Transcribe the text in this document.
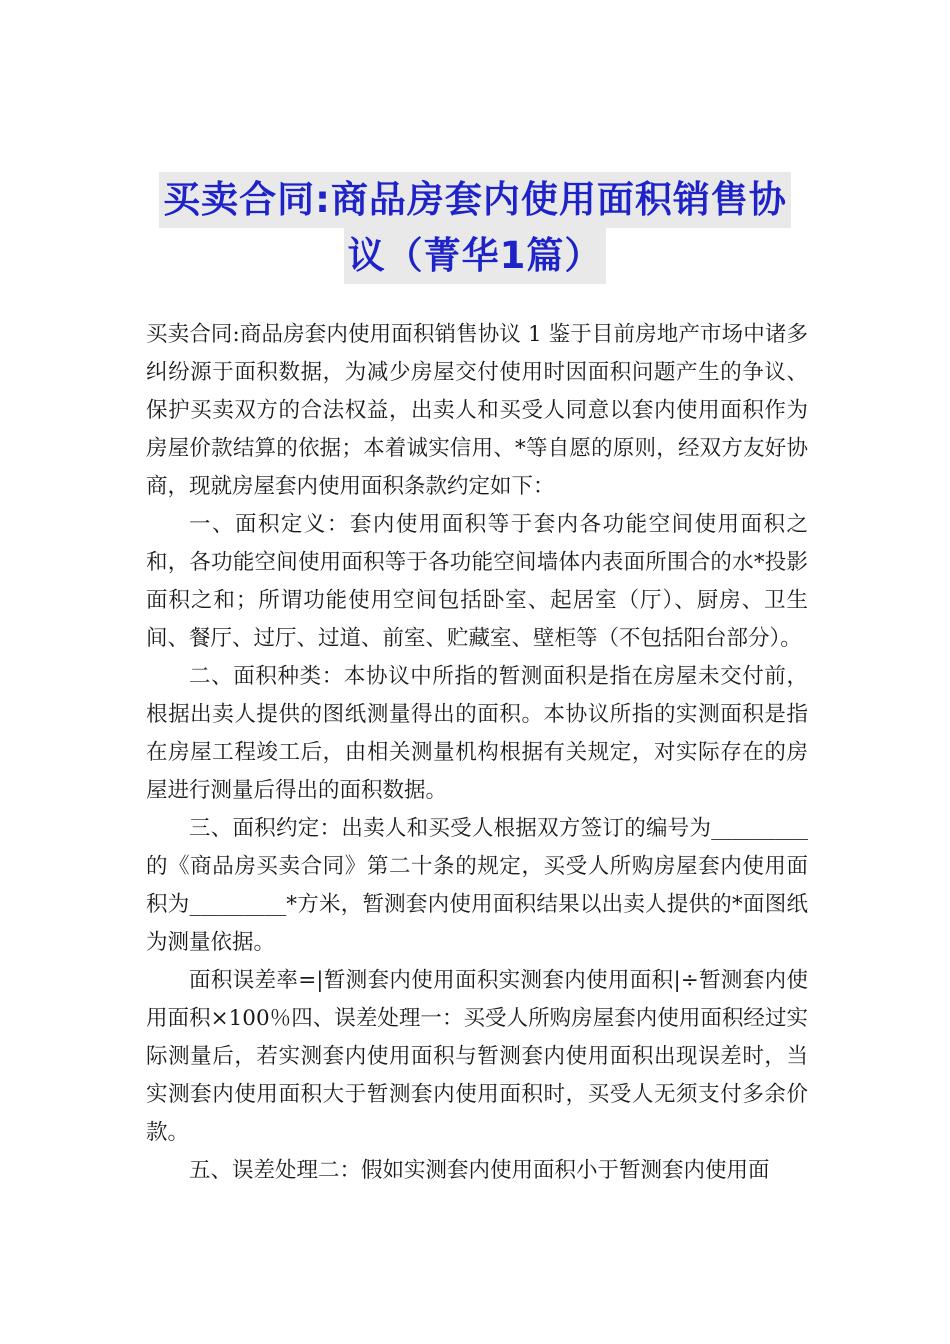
买卖合同:商品房套内使用面积销售协
议（菁华1篇）

买卖合同:商品房套内使用面积销售协议 1 鉴于目前房地产市场中诸多纠纷源于面积数据，为减少房屋交付使用时因面积问题产生的争议、保护买卖双方的合法权益，出卖人和买受人同意以套内使用面积作为房屋价款结算的依据；本着诚实信用、*等自愿的原则，经双方友好协商，现就房屋套内使用面积条款约定如下：

一、面积定义：套内使用面积等于套内各功能空间使用面积之和，各功能空间使用面积等于各功能空间墙体内表面所围合的水*投影面积之和；所谓功能使用空间包括卧室、起居室（厅）、厨房、卫生间、餐厅、过厅、过道、前室、贮藏室、壁柜等（不包括阳台部分）。

二、面积种类：本协议中所指的暂测面积是指在房屋未交付前，根据出卖人提供的图纸测量得出的面积。本协议所指的实测面积是指在房屋工程竣工后，由相关测量机构根据有关规定，对实际存在的房屋进行测量后得出的面积数据。

三、面积约定：出卖人和买受人根据双方签订的编号为_________的《商品房买卖合同》第二十条的规定，买受人所购房屋套内使用面积为_________*方米，暂测套内使用面积结果以出卖人提供的*面图纸为测量依据。

面积误差率=|暂测套内使用面积实测套内使用面积|÷暂测套内使用面积×100％四、误差处理一：买受人所购房屋套内使用面积经过实际测量后，若实测套内使用面积与暂测套内使用面积出现误差时，当实测套内使用面积大于暂测套内使用面积时，买受人无须支付多余价款。

五、误差处理二：假如实测套内使用面积小于暂测套内使用面
